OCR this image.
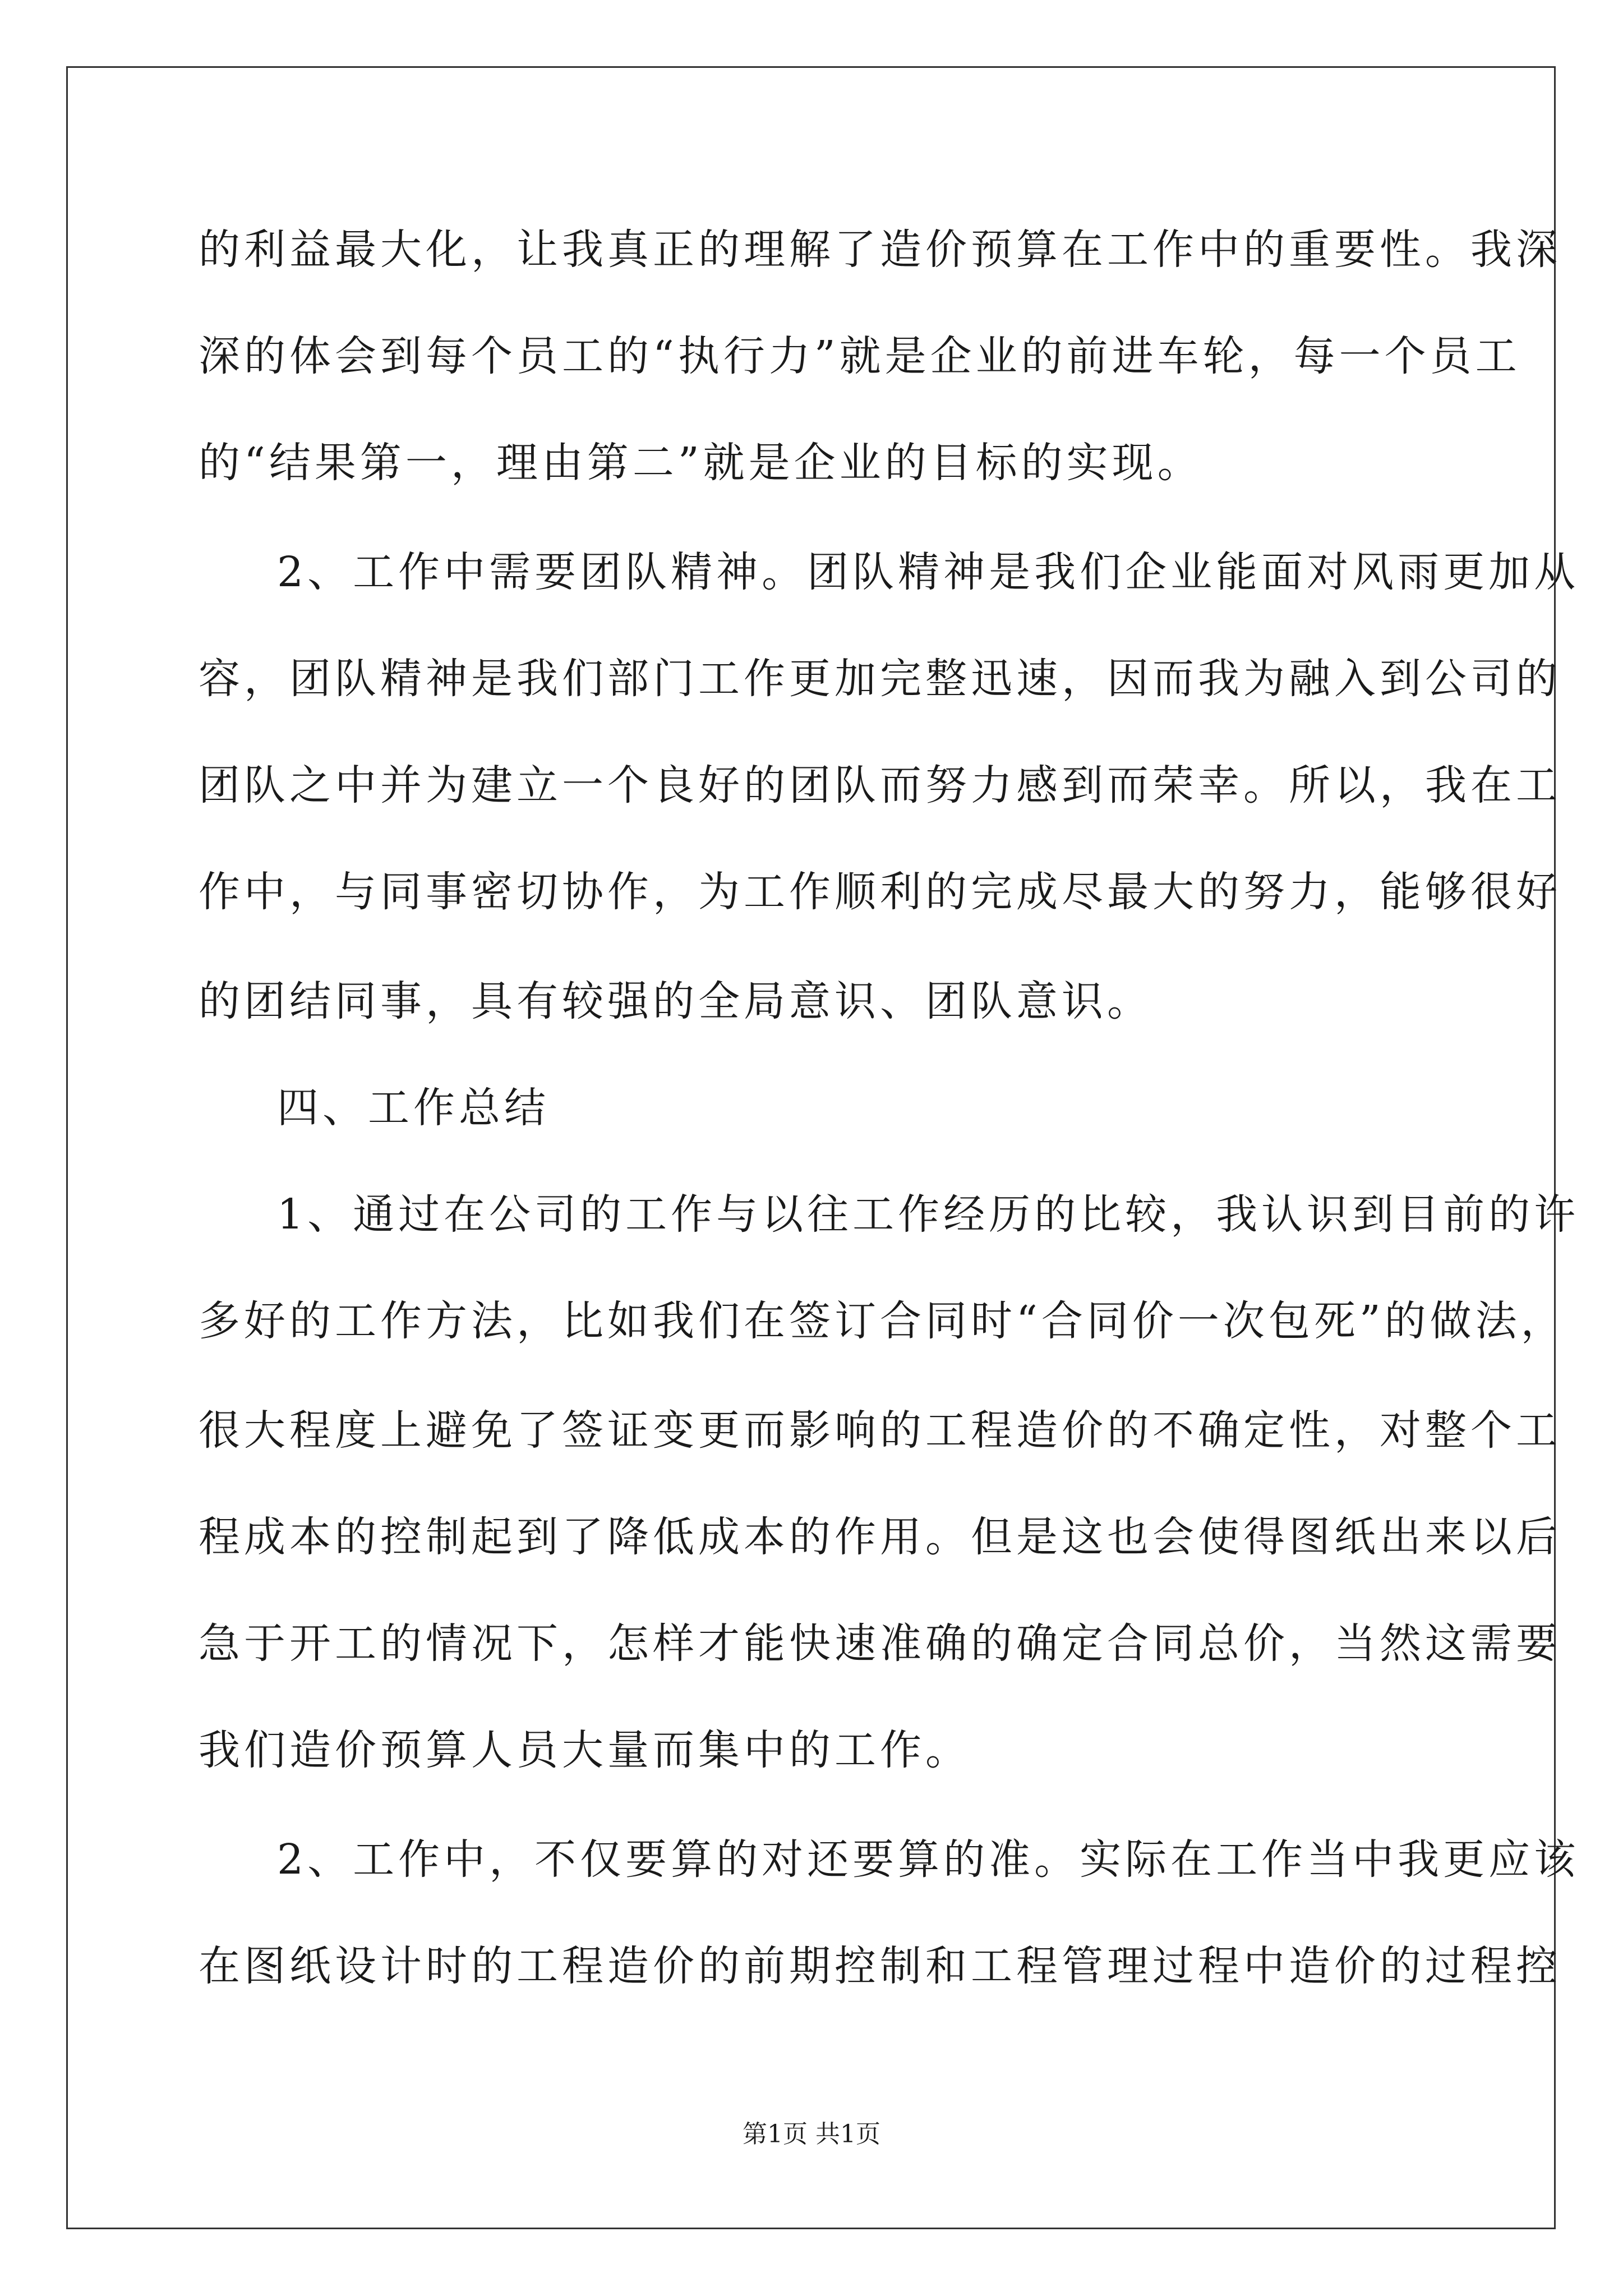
的利益最大化，让我真正的理解了造价预算在工作中的重要性。我深
深的体会到每个员工的“执行力”就是企业的前进车轮，每一个员工
的“结果第一，理由第二”就是企业的目标的实现。
2、工作中需要团队精神。团队精神是我们企业能面对风雨更加从
容，团队精神是我们部门工作更加完整迅速，因而我为融入到公司的
团队之中并为建立一个良好的团队而努力感到而荣幸。所以，我在工
作中，与同事密切协作，为工作顺利的完成尽最大的努力，能够很好
的团结同事，具有较强的全局意识、团队意识。
四、工作总结
1、通过在公司的工作与以往工作经历的比较，我认识到目前的许
多好的工作方法，比如我们在签订合同时“合同价一次包死”的做法，
很大程度上避免了签证变更而影响的工程造价的不确定性，对整个工
程成本的控制起到了降低成本的作用。但是这也会使得图纸出来以后
急于开工的情况下，怎样才能快速准确的确定合同总价，当然这需要
我们造价预算人员大量而集中的工作。
2、工作中，不仅要算的对还要算的准。实际在工作当中我更应该
在图纸设计时的工程造价的前期控制和工程管理过程中造价的过程控
第1页 共1页
